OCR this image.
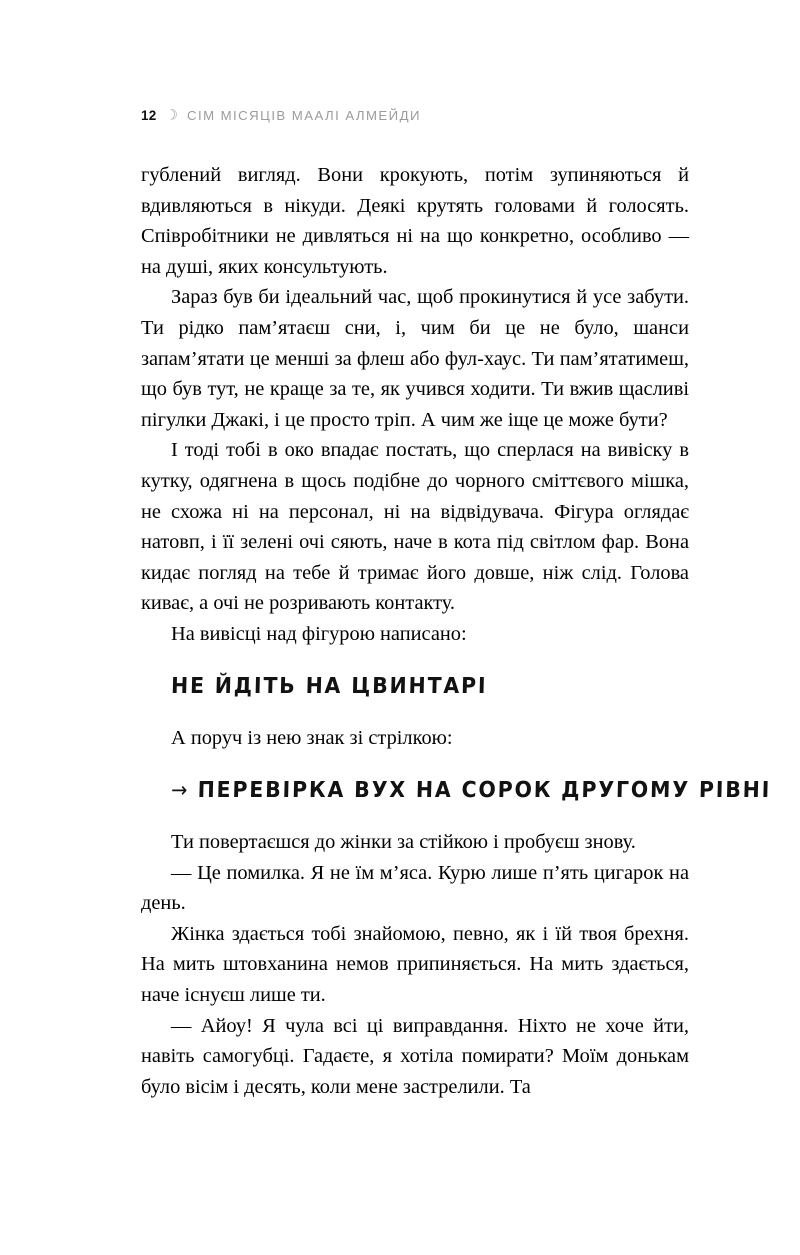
12 ☽ СІМ МІСЯЦІВ МААЛІ АЛМЕЙДИ

гублений вигляд. Вони крокують, потім зупиняються й вдивляються в нікуди. Деякі крутять головами й голосять. Співробітники не дивляться ні на що конкретно, особливо — на душі, яких консультують.

Зараз був би ідеальний час, щоб прокинутися й усе забути. Ти рідко пам’ятаєш сни, і, чим би це не було, шанси запам’ятати це менші за флеш або фул-хаус. Ти пам’ятатимеш, що був тут, не краще за те, як учився ходити. Ти вжив щасливі пігулки Джакі, і це просто тріп. А чим же іще це може бути?

І тоді тобі в око впадає постать, що сперлася на вивіску в кутку, одягнена в щось подібне до чорного сміттєвого мішка, не схожа ні на персонал, ні на відвідувача. Фігура оглядає натовп, і її зелені очі сяють, наче в кота під світлом фар. Вона кидає погляд на тебе й тримає його довше, ніж слід. Голова киває, а очі не розривають контакту.

На вивісці над фігурою написано:

НЕ ЙДІТЬ НА ЦВИНТАРІ

А поруч із нею знак зі стрілкою:

→ ПЕРЕВІРКА ВУХ НА СОРОК ДРУГОМУ РІВНІ

Ти повертаєшся до жінки за стійкою і пробуєш знову.

— Це помилка. Я не їм м’яса. Курю лише п’ять цигарок на день.

Жінка здається тобі знайомою, певно, як і їй твоя брехня. На мить штовханина немов припиняється. На мить здається, наче існуєш лише ти.

— Айоу! Я чула всі ці виправдання. Ніхто не хоче йти, навіть самогубці. Гадаєте, я хотіла помирати? Моїм донькам було вісім і десять, коли мене застрелили. Та
